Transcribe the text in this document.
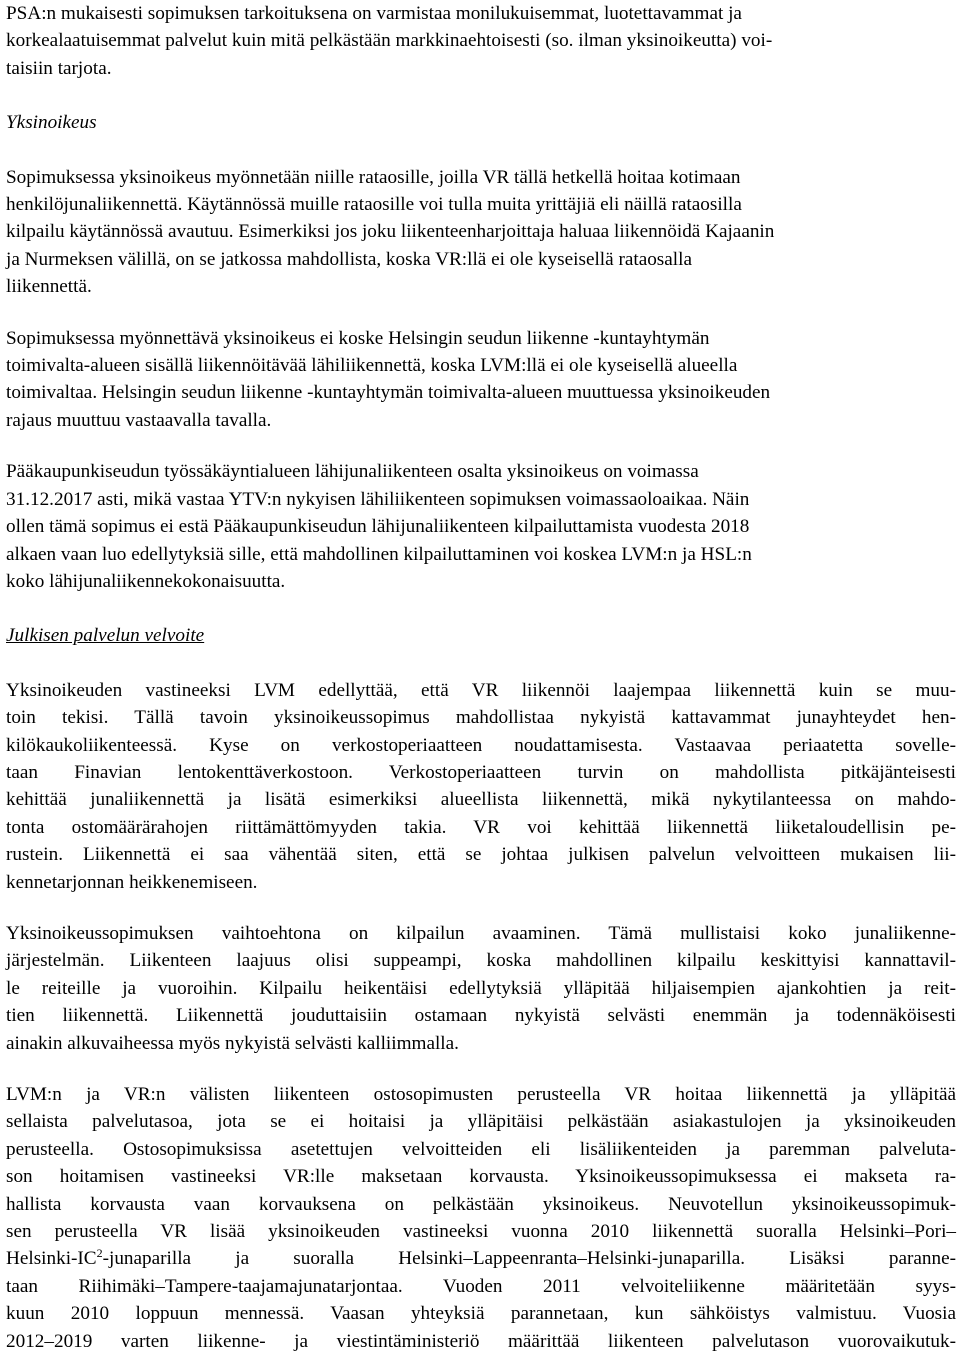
PSA:n mukaisesti sopimuksen tarkoituksena on varmistaa monilukuisemmat, luotettavammat ja
korkealaatuisemmat palvelut kuin mitä pelkästään markkinaehtoisesti (so. ilman yksinoikeutta) voi-
taisiin tarjota.

Yksinoikeus

Sopimuksessa yksinoikeus myönnetään niille rataosille, joilla VR tällä hetkellä hoitaa kotimaan
henkilöjunaliikennettä. Käytännössä muille rataosille voi tulla muita yrittäjiä eli näillä rataosilla
kilpailu käytännössä avautuu. Esimerkiksi jos joku liikenteenharjoittaja haluaa liikennöidä Kajaanin
ja Nurmeksen välillä, on se jatkossa mahdollista, koska VR:llä ei ole kyseisellä rataosalla
liikennettä.
Sopimuksessa myönnettävä yksinoikeus ei koske Helsingin seudun liikenne -kuntayhtymän
toimivalta-alueen sisällä liikennöitävää lähiliikennettä, koska LVM:llä ei ole kyseisellä alueella
toimivaltaa. Helsingin seudun liikenne -kuntayhtymän toimivalta-alueen muuttuessa yksinoikeuden
rajaus muuttuu vastaavalla tavalla.
Pääkaupunkiseudun työssäkäyntialueen lähijunaliikenteen osalta yksinoikeus on voimassa
31.12.2017 asti, mikä vastaa YTV:n nykyisen lähiliikenteen sopimuksen voimassaoloaikaa. Näin
ollen tämä sopimus ei estä Pääkaupunkiseudun lähijunaliikenteen kilpailuttamista vuodesta 2018
alkaen vaan luo edellytyksiä sille, että mahdollinen kilpailuttaminen voi koskea LVM:n ja HSL:n
koko lähijunaliikennekokonaisuutta.

Julkisen palvelun velvoite

Yksinoikeuden vastineeksi LVM edellyttää, että VR liikennöi laajempaa liikennettä kuin se muu-
toin tekisi. Tällä tavoin yksinoikeussopimus mahdollistaa nykyistä kattavammat junayhteydet hen-
kilökaukoliikenteessä. Kyse on verkostoperiaatteen noudattamisesta. Vastaavaa periaatetta sovelle-
taan Finavian lentokenttäverkostoon. Verkostoperiaatteen turvin on mahdollista pitkäjänteisesti
kehittää junaliikennettä ja lisätä esimerkiksi alueellista liikennettä, mikä nykytilanteessa on mahdo-
tonta ostomäärärahojen riittämättömyyden takia. VR voi kehittää liikennettä liiketaloudellisin pe-
rustein. Liikennettä ei saa vähentää siten, että se johtaa julkisen palvelun velvoitteen mukaisen lii-
kennetarjonnan heikkenemiseen.
Yksinoikeussopimuksen vaihtoehtona on kilpailun avaaminen. Tämä mullistaisi koko junaliikenne-
järjestelmän. Liikenteen laajuus olisi suppeampi, koska mahdollinen kilpailu keskittyisi kannattavil-
le reiteille ja vuoroihin. Kilpailu heikentäisi edellytyksiä ylläpitää hiljaisempien ajankohtien ja reit-
tien liikennettä. Liikennettä jouduttaisiin ostamaan nykyistä selvästi enemmän ja todennäköisesti
ainakin alkuvaiheessa myös nykyistä selvästi kalliimmalla.
LVM:n ja VR:n välisten liikenteen ostosopimusten perusteella VR hoitaa liikennettä ja ylläpitää
sellaista palvelutasoa, jota se ei hoitaisi ja ylläpitäisi pelkästään asiakastulojen ja yksinoikeuden
perusteella. Ostosopimuksissa asetettujen velvoitteiden eli lisäliikenteiden ja paremman palveluta-
son hoitamisen vastineeksi VR:lle maksetaan korvausta. Yksinoikeussopimuksessa ei makseta ra-
hallista korvausta vaan korvauksena on pelkästään yksinoikeus. Neuvotellun yksinoikeussopimuk-
sen perusteella VR lisää yksinoikeuden vastineeksi vuonna 2010 liikennettä suoralla Helsinki–Pori–
Helsinki-$IC^2$-junaparilla ja suoralla Helsinki–Lappeenranta–Helsinki-junaparilla. Lisäksi paranne-
taan Riihimäki–Tampere-taajamajunatarjontaa. Vuoden 2011 velvoiteliikenne määritetään syys-
kuun 2010 loppuun mennessä. Vaasan yhteyksiä parannetaan, kun sähköistys valmistuu. Vuosia
2012–2019 varten liikenne- ja viestintäministeriö määrittää liikenteen palvelutason vuorovaikutuk-
